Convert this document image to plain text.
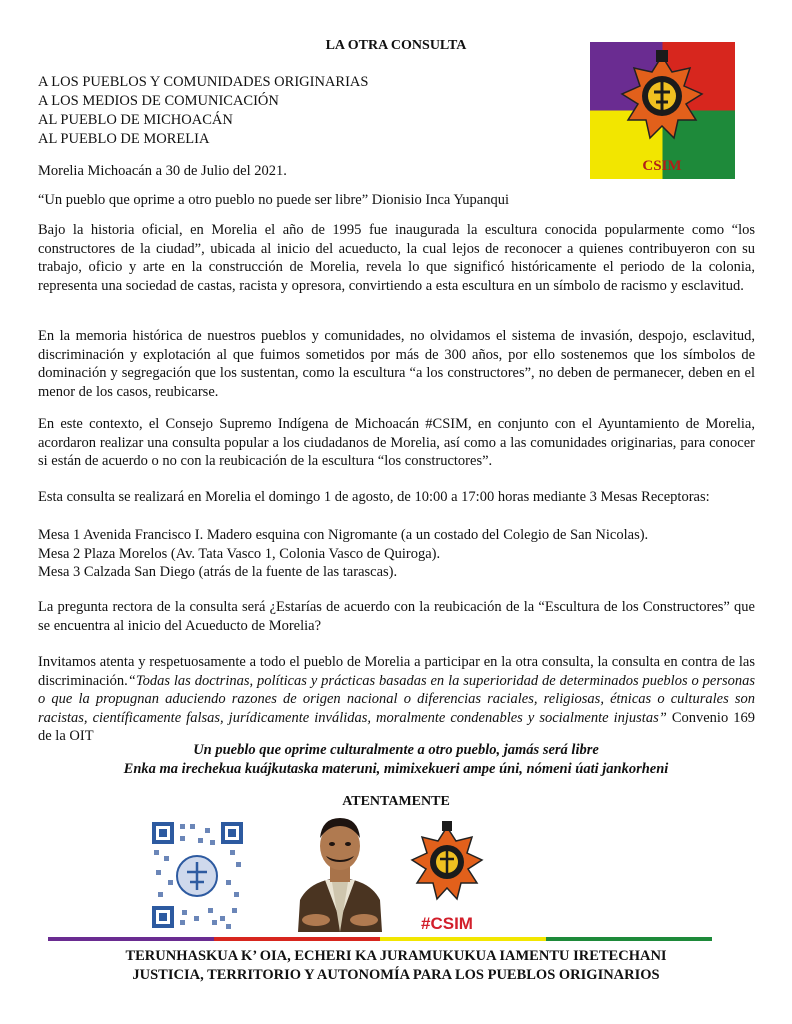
LA OTRA CONSULTA
A LOS PUEBLOS Y COMUNIDADES ORIGINARIAS
A LOS MEDIOS DE COMUNICACIÓN
AL PUEBLO DE MICHOACÁN
AL PUEBLO DE MORELIA
CSIM
Morelia Michoacán a 30 de Julio del 2021.
“Un pueblo que oprime a otro pueblo no puede ser libre” Dionisio Inca Yupanqui
Bajo la historia oficial, en Morelia el año de 1995 fue inaugurada la escultura conocida popularmente como “los constructores de la ciudad”, ubicada al inicio del acueducto, la cual lejos de reconocer a quienes contribuyeron con su trabajo, oficio y arte en la construcción de Morelia, revela lo que significó históricamente el periodo de la colonia, representa una sociedad de castas, racista y opresora, convirtiendo a esta escultura en un símbolo de racismo y esclavitud.
En la memoria histórica de nuestros pueblos y comunidades, no olvidamos el sistema de invasión, despojo, esclavitud, discriminación y explotación al que fuimos sometidos por más de 300 años, por ello sostenemos que los símbolos de dominación y segregación que los sustentan, como la escultura “a los constructores”, no deben de permanecer, deben en el menor de los casos, reubicarse.
En este contexto, el Consejo Supremo Indígena de Michoacán #CSIM, en conjunto con el Ayuntamiento de Morelia, acordaron realizar una consulta popular a los ciudadanos de Morelia, así como a las comunidades originarias, para conocer si están de acuerdo o no con la reubicación de la escultura “los constructores”.
Esta consulta se realizará en Morelia el domingo 1 de agosto, de 10:00 a 17:00 horas mediante 3 Mesas Receptoras:
Mesa 1 Avenida Francisco I. Madero esquina con Nigromante (a un costado del Colegio de San Nicolas).
Mesa 2 Plaza Morelos (Av. Tata Vasco 1, Colonia Vasco de Quiroga).
Mesa 3 Calzada San Diego (atrás de la fuente de las tarascas).
La pregunta rectora de la consulta será ¿Estarías de acuerdo con la reubicación de la “Escultura de los Constructores” que se encuentra al inicio del Acueducto de Morelia?
Invitamos atenta y respetuosamente a todo el pueblo de Morelia a participar en la otra consulta, la consulta en contra de las discriminación.“Todas las doctrinas, políticas y prácticas basadas en la superioridad de determinados pueblos o personas o que la propugnan aduciendo razones de origen nacional o diferencias raciales, religiosas, étnicas o culturales son racistas, científicamente falsas, jurídicamente inválidas, moralmente condenables y socialmente injustas” Convenio 169 de la OIT
Un pueblo que oprime culturalmente a otro pueblo, jamás será libre
Enka ma irechekua kuájkutaska materuni, mimixekueri ampe úni, nómeni úati jankorheni
ATENTAMENTE
#CSIM
TERUNHASKUA K’ OIA, ECHERI KA JURAMUKUKUA IAMENTU IRETECHANI
JUSTICIA, TERRITORIO Y AUTONOMÍA PARA LOS PUEBLOS ORIGINARIOS
